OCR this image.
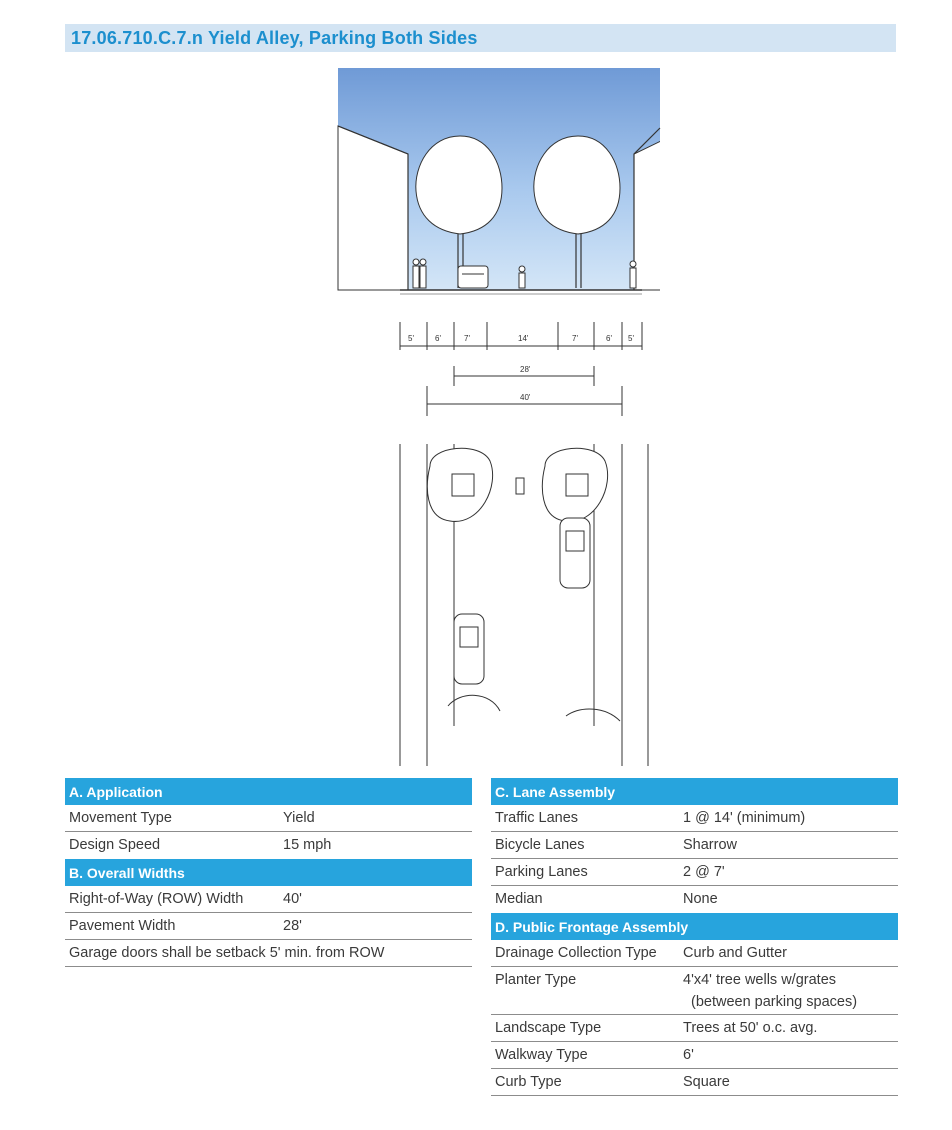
17.06.710.C.7.n Yield Alley, Parking Both Sides
5'	6'	7'	14'	7'	6' 5'
28'
40'
A. Application
Movement Type	Yield
Design Speed	15 mph
B. Overall Widths
Right-of-Way (ROW) Width	40'
Pavement Width	28'
Garage doors shall be setback 5' min. from ROW
C. Lane Assembly
Traffic Lanes	1 @ 14' (minimum)
Bicycle Lanes	Sharrow
Parking Lanes	2 @ 7'
Median	None
D. Public Frontage Assembly
Drainage Collection Type	Curb and Gutter
Planter Type	4'x4' tree wells w/grates
(between parking spaces)
Landscape Type	Trees at 50' o.c. avg.
Walkway Type	6'
Curb Type	Square
